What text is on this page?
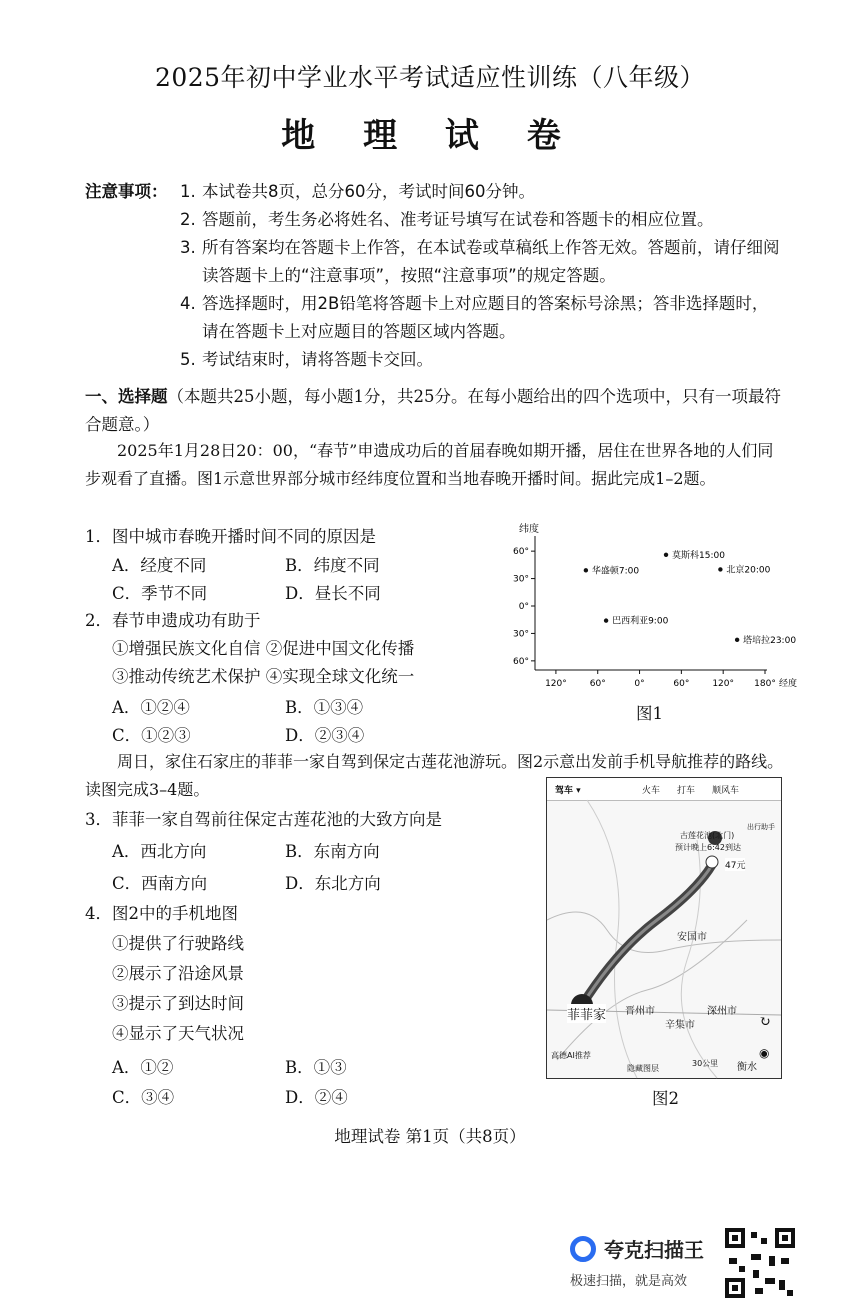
2025年初中学业水平考试适应性训练（八年级）
地 理 试 卷
注意事项： 1. 本试卷共8页，总分60分，考试时间60分钟。
2. 答题前，考生务必将姓名、准考证号填写在试卷和答题卡的相应位置。
3. 所有答案均在答题卡上作答，在本试卷或草稿纸上作答无效。答题前，请仔细阅读答题卡上的“注意事项”，按照“注意事项”的规定答题。
4. 答选择题时，用2B铅笔将答题卡上对应题目的答案标号涂黑；答非选择题时，请在答题卡上对应题目的答题区域内答题。
5. 考试结束时，请将答题卡交回。
一、选择题（本题共25小题，每小题1分，共25分。在每小题给出的四个选项中，只有一项最符合题意。）
2025年1月28日20：00，“春节”申遗成功后的首届春晚如期开播，居住在世界各地的人们同步观看了直播。图1示意世界部分城市经纬度位置和当地春晚开播时间。据此完成1–2题。
1．图中城市春晚开播时间不同的原因是
A．经度不同	B．纬度不同
C．季节不同	D．昼长不同
2．春节申遗成功有助于
①增强民族文化自信 ②促进中国文化传播
③推动传统艺术保护 ④实现全球文化统一
A．①②④	B．①③④
C．①②③	D．②③④
纬度
60°
30°
0°
30°
60°
120°	60°	0°	60°	120° 180° 经度
莫斯科15:00
华盛顿7:00	北京20:00
巴西利亚9:00
塔培拉23:00
图1
周日，家住石家庄的菲菲一家自驾到保定古莲花池游玩。图2示意出发前手机导航推荐的路线。读图完成3–4题。
3．菲菲一家自驾前往保定古莲花池的大致方向是
A．西北方向	B．东南方向
C．西南方向	D．东北方向
4．图2中的手机地图
①提供了行驶路线
②展示了沿途风景
③提示了到达时间
④显示了天气状况
A．①②	B．①③
C．③④	D．②④
驾车 ▾	火车 打车 顺风车
古莲花池(北门)
预计晚上6:42到达
47元
出行助手
安国市
晋州市	深州市
辛集市
菲菲家
衡水
↻
◉
高德AI推荐
隐藏图层
30公里
图2
地理试卷 第1页（共8页）
夸克扫描王
极速扫描，就是高效
